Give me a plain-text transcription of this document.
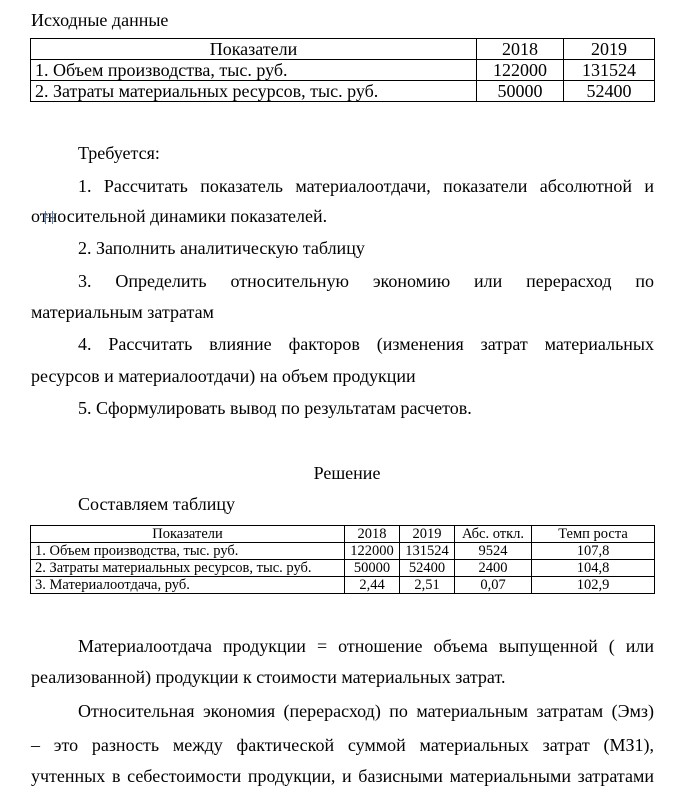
Исходные данные
Показатели	2018	2019
1. Объем производства, тыс. руб.	122000	131524
2. Затраты материальных ресурсов, тыс. руб.	50000	52400
Требуется:
1. Рассчитать показатель материалоотдачи, показатели абсолютной и
относительной динамики показателей.
2. Заполнить аналитическую таблицу
3. Определить относительную экономию или перерасход по
материальным затратам
4. Рассчитать влияние факторов (изменения затрат материальных
ресурсов и материалоотдачи) на объем продукции
5. Сформулировать вывод по результатам расчетов.
Решение
Составляем таблицу
Показатели	2018	2019	Абс. откл.	Темп роста
1. Объем производства, тыс. руб.	122000	131524	9524	107,8
2. Затраты материальных ресурсов, тыс. руб.	50000	52400	2400	104,8
3. Материалоотдача, руб.	2,44	2,51	0,07	102,9
Материалоотдача продукции = отношение объема выпущенной ( или
реализованной) продукции к стоимости материальных затрат.
Относительная экономия (перерасход) по материальным затратам (Эмз)
– это разность между фактической суммой материальных затрат (МЗ1),
учтенных в себестоимости продукции, и базисными материальными затратами
